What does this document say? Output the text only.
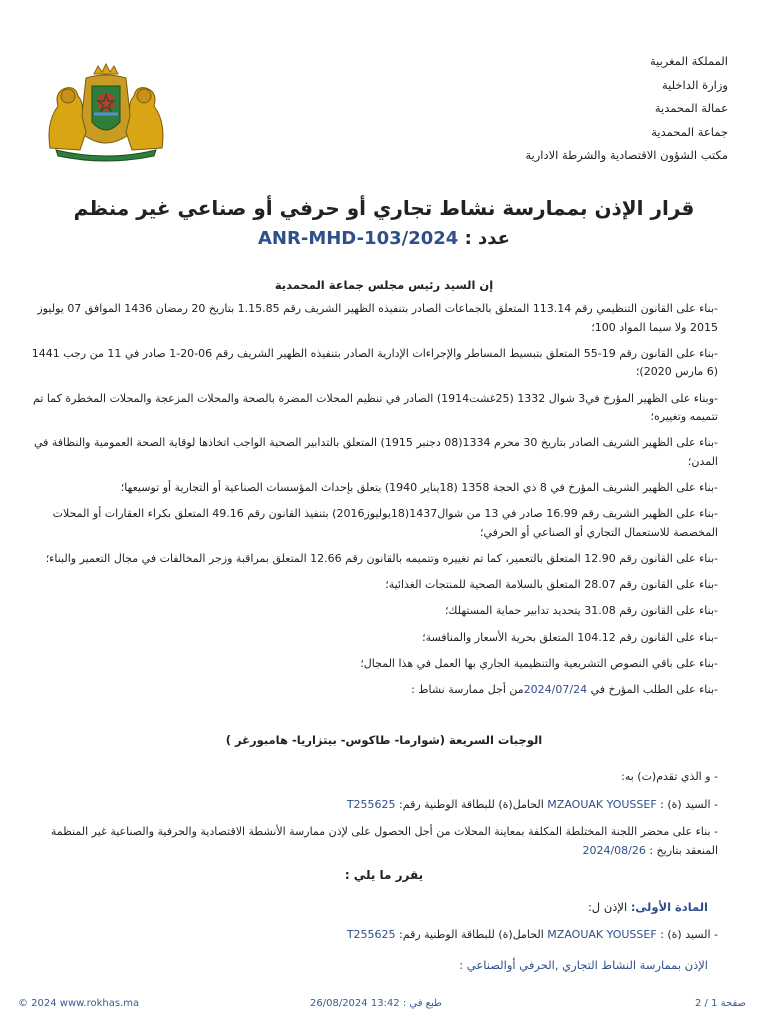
المملكة المغربية
وزارة الداخلية
عمالة المحمدية
جماعة المحمدية
مكتب الشؤون الاقتصادية والشرطة الادارية
قرار الإذن بممارسة نشاط تجاري أو حرفي أو صناعي غير منظم
عدد : ANR-MHD-103/2024
إن السيد رئيس مجلس جماعة المحمدية
-بناء على القانون التنظيمي رقم 113.14 المتعلق بالجماعات الصادر بتنفيذه الظهير الشريف رقم 1.15.85 بتاريخ 20 رمضان 1436 الموافق 07 يوليوز 2015 ولا سيما المواد 100؛
-بناء على القانون رقم 19-55 المتعلق بتبسيط المساطر والإجراءات الإدارية الصادر بتنفيذه الظهير الشريف رقم 06-20-1 صادر في 11 من رجب 1441 (6 مارس 2020)؛
-وبناء على الظهير المؤرخ في3 شوال 1332 (25غشت1914) الصادر في تنظيم المحلات المضرة بالصحة والمحلات المزعجة والمحلات المخطرة كما تم تتميمه وتغييره؛
-بناء على الظهير الشريف الصادر بتاريخ 30 محرم 1334(08 دجنبر 1915) المتعلق بالتدابير الصحية الواجب اتخاذها لوقاية الصحة العمومية والنظافة في المدن؛
-بناء على الظهير الشريف المؤرخ في 8 ذي الحجة 1358 (18يناير 1940) يتعلق بإحداث المؤسسات الصناعية أو التجارية أو توسيعها؛
-بناء على الظهير الشريف رقم 16.99 صادر في 13 من شوال1437(18يوليوز2016) بتنفيذ القانون رقم 49.16 المتعلق بكراء العقارات أو المحلات المخصصة للاستعمال التجاري أو الصناعي أو الحرفي؛
-بناء على القانون رقم 12.90 المتعلق بالتعمير، كما تم تغييره وتتميمه بالقانون رقم 12.66 المتعلق بمراقبة وزجر المخالفات في مجال التعمير والبناء؛
-بناء على القانون رقم 28.07 المتعلق بالسلامة الصحية للمنتجات الغذائية؛
-بناء على القانون رقم 31.08 يتحديد تدابير حماية المستهلك؛
-بناء على القانون رقم 104.12 المتعلق بحرية الأسعار والمنافسة؛
-بناء على باقي النصوص التشريعية والتنظيمية الجاري بها العمل في هذا المجال؛
-بناء على الطلب المؤرخ في 2024/07/24من أجل ممارسة نشاط :
الوجبات السريعة (شوارما- طاكوس- بيتزاريا- هامبورغر )
- و الذي تقدم(ت) به:
- السيد (ة) : MZAOUAK YOUSSEF الحامل(ة) للبطاقة الوطنية رقم: T255625
- بناء على محضر اللجنة المختلطة المكلفة بمعاينة المحلات من أجل الحصول على لإذن ممارسة الأنشطة الاقتصادية والحرفية والصناعية غير المنظمة المنعقد بتاريخ : 2024/08/26
يقرر ما يلي :
المادة الأولى: الإذن ل:
- السيد (ة) : MZAOUAK YOUSSEF الحامل(ة) للبطاقة الوطنية رقم: T255625
الإذن بممارسة النشاط التجاري ,الحرفي أوالصناعي :
© 2024 www.rokhas.ma	طبع في : 13:42 26/08/2024	صفحة 1 / 2
